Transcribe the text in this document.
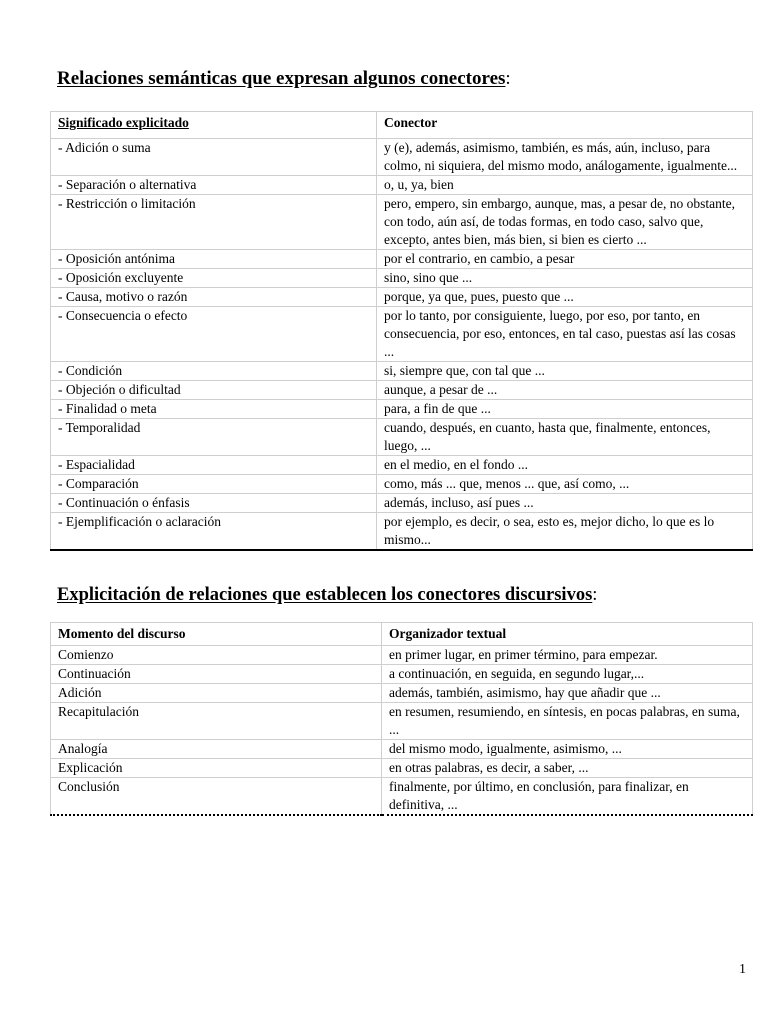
Relaciones semánticas que expresan algunos conectores:
Significado explicitado	Conector
- Adición o suma	y (e), además, asimismo, también, es más, aún, incluso, para colmo, ni siquiera, del mismo modo, análogamente, igualmente...
- Separación o alternativa	o, u, ya, bien
- Restricción o limitación	pero, empero, sin embargo, aunque, mas, a pesar de, no obstante, con todo, aún así, de todas formas, en todo caso, salvo que, excepto, antes bien, más bien, si bien es cierto ...
- Oposición antónima	por el contrario, en cambio, a pesar
- Oposición excluyente	sino, sino que ...
- Causa, motivo o razón	porque, ya que, pues, puesto que ...
- Consecuencia o efecto	por lo tanto, por consiguiente, luego, por eso, por tanto, en consecuencia, por eso, entonces, en tal caso, puestas así las cosas ...
- Condición	si, siempre que, con tal que ...
- Objeción o dificultad	aunque, a pesar de ...
- Finalidad o meta	para, a fin de que ...
- Temporalidad	cuando, después, en cuanto, hasta que, finalmente, entonces, luego, ...
- Espacialidad	en el medio, en el fondo ...
- Comparación	como, más ... que, menos ... que, así como, ...
- Continuación o énfasis	además, incluso, así pues ...
- Ejemplificación o aclaración	por ejemplo, es decir, o sea, esto es, mejor dicho, lo que es lo mismo...
Explicitación de relaciones que establecen los conectores discursivos:
Momento del discurso	Organizador textual
Comienzo	en primer lugar, en primer término, para empezar.
Continuación	a continuación, en seguida, en segundo lugar,...
Adición	además, también, asimismo, hay que añadir que ...
Recapitulación	en resumen, resumiendo, en síntesis, en pocas palabras, en suma, ...
Analogía	del mismo modo, igualmente, asimismo, ...
Explicación	en otras palabras, es decir, a saber, ...
Conclusión	finalmente, por último, en conclusión, para finalizar, en definitiva, ...
1
